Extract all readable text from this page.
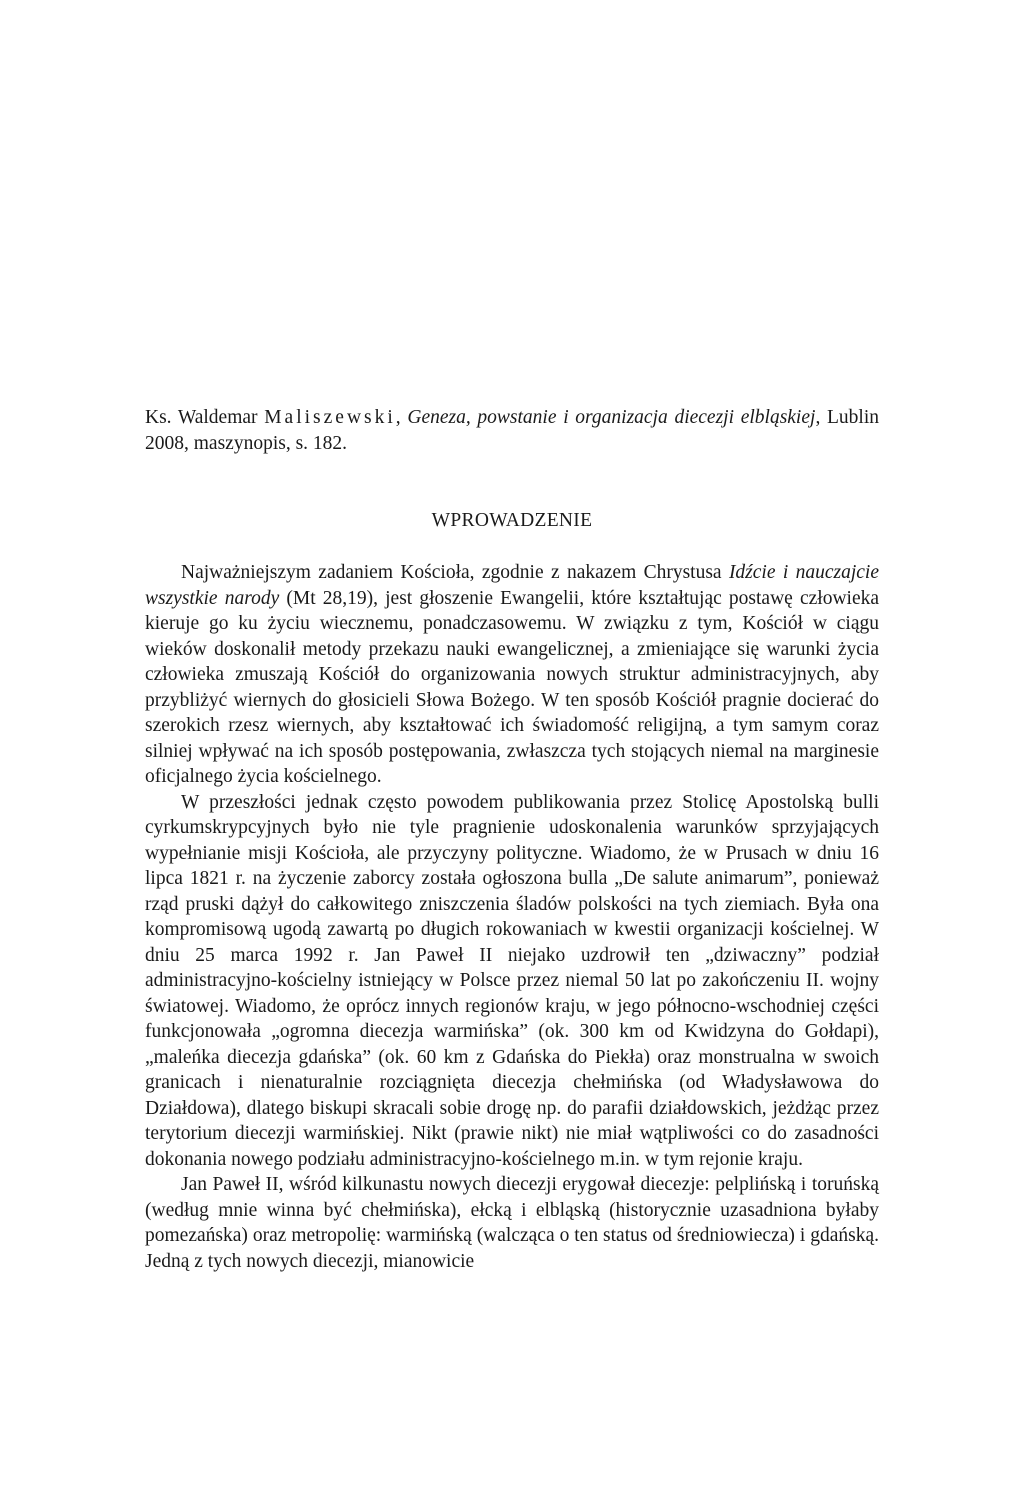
Ks. Waldemar Maliszewski, Geneza, powstanie i organizacja diecezji elbląskiej, Lublin 2008, maszynopis, s. 182.
WPROWADZENIE

Najważniejszym zadaniem Kościoła, zgodnie z nakazem Chrystusa Idźcie i nauczajcie wszystkie narody (Mt 28,19), jest głoszenie Ewangelii, które kształtując postawę człowieka kieruje go ku życiu wiecznemu, ponadczasowemu. W związku z tym, Kościół w ciągu wieków doskonalił metody przekazu nauki ewangelicznej, a zmieniające się warunki życia człowieka zmuszają Kościół do organizowania nowych struktur administracyjnych, aby przybliżyć wiernych do głosicieli Słowa Bożego. W ten sposób Kościół pragnie docierać do szerokich rzesz wiernych, aby kształtować ich świadomość religijną, a tym samym coraz silniej wpływać na ich sposób postępowania, zwłaszcza tych stojących niemal na marginesie oficjalnego życia kościelnego.

W przeszłości jednak często powodem publikowania przez Stolicę Apostolską bulli cyrkumskrypcyjnych było nie tyle pragnienie udoskonalenia warunków sprzyjających wypełnianie misji Kościoła, ale przyczyny polityczne. Wiadomo, że w Prusach w dniu 16 lipca 1821 r. na życzenie zaborcy została ogłoszona bulla „De salute animarum”, ponieważ rząd pruski dążył do całkowitego zniszczenia śladów polskości na tych ziemiach. Była ona kompromisową ugodą zawartą po długich rokowaniach w kwestii organizacji kościelnej. W dniu 25 marca 1992 r. Jan Paweł II niejako uzdrowił ten „dziwaczny” podział administracyjno-kościelny istniejący w Polsce przez niemal 50 lat po zakończeniu II. wojny światowej. Wiadomo, że oprócz innych regionów kraju, w jego północno-wschodniej części funkcjonowała „ogromna diecezja warmińska” (ok. 300 km od Kwidzyna do Gołdapi), „maleńka diecezja gdańska” (ok. 60 km z Gdańska do Piekła) oraz monstrualna w swoich granicach i nienaturalnie rozciągnięta diecezja chełmińska (od Władysławowa do Działdowa), dlatego biskupi skracali sobie drogę np. do parafii działdowskich, jeżdżąc przez terytorium diecezji warmińskiej. Nikt (prawie nikt) nie miał wątpliwości co do zasadności dokonania nowego podziału administracyjno-kościelnego m.in. w tym rejonie kraju.

Jan Paweł II, wśród kilkunastu nowych diecezji erygował diecezje: pelplińską i toruńską (według mnie winna być chełmińska), ełcką i elbląską (historycznie uzasadniona byłaby pomezańska) oraz metropolię: warmińską (walcząca o ten status od średniowiecza) i gdańską. Jedną z tych nowych diecezji, mianowicie
